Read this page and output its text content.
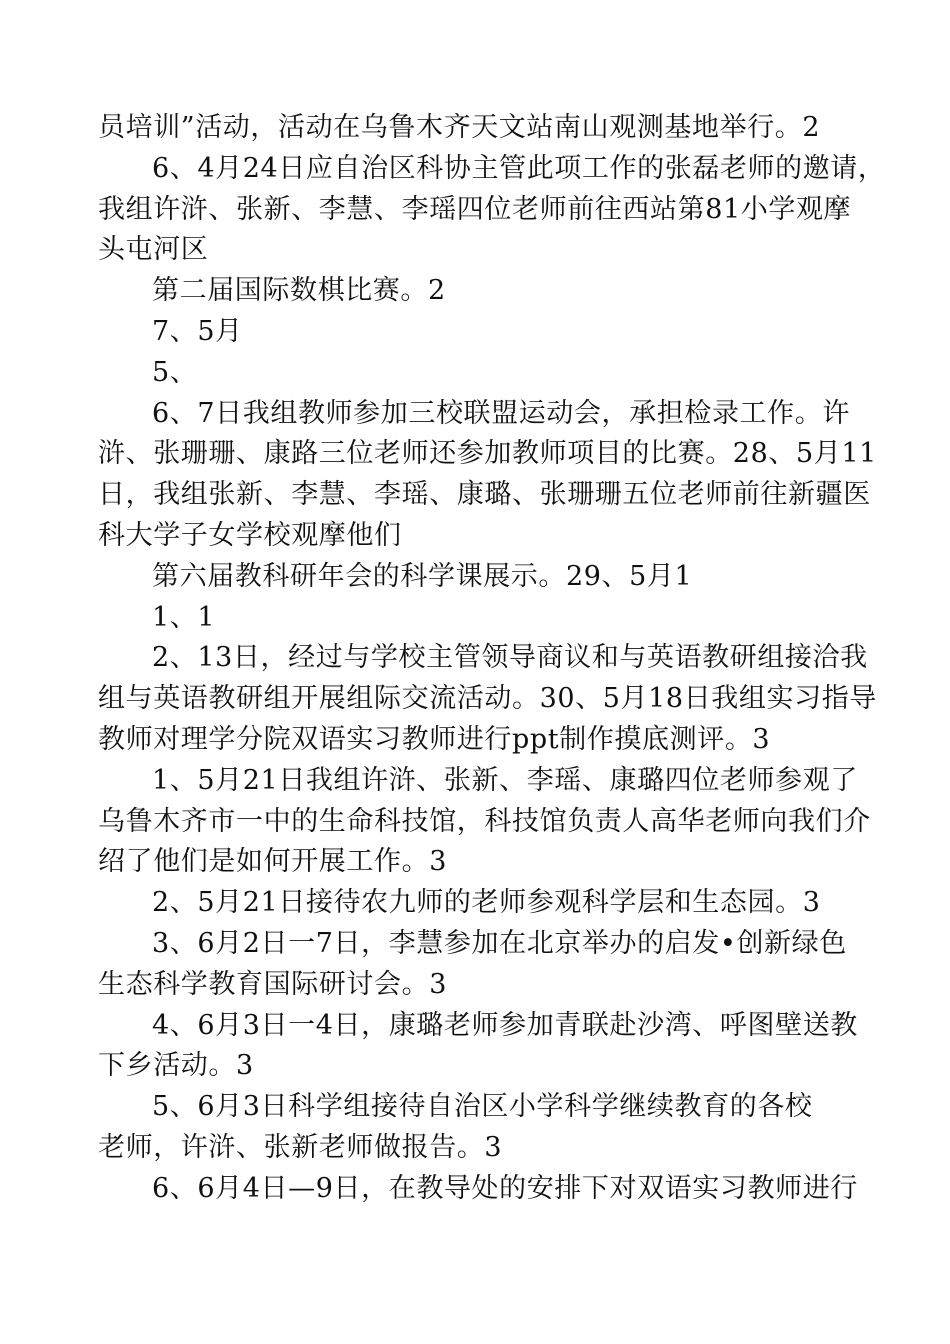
员培训”活动，活动在乌鲁木齐天文站南山观测基地举行。2
6、4月24日应自治区科协主管此项工作的张磊老师的邀请，
我组许浒、张新、李慧、李瑶四位老师前往西站第81小学观摩
头屯河区
第二届国际数棋比赛。2
7、5月
5、
6、7日我组教师参加三校联盟运动会，承担检录工作。许
浒、张珊珊、康路三位老师还参加教师项目的比赛。28、5月11
日，我组张新、李慧、李瑶、康璐、张珊珊五位老师前往新疆医
科大学子女学校观摩他们
第六届教科研年会的科学课展示。29、5月1
1、1
2、13日，经过与学校主管领导商议和与英语教研组接洽我
组与英语教研组开展组际交流活动。30、5月18日我组实习指导
教师对理学分院双语实习教师进行ppt制作摸底测评。3
1、5月21日我组许浒、张新、李瑶、康璐四位老师参观了
乌鲁木齐市一中的生命科技馆，科技馆负责人高华老师向我们介
绍了他们是如何开展工作。3
2、5月21日接待农九师的老师参观科学层和生态园。3
3、6月2日一7日，李慧参加在北京举办的启发•创新绿色
生态科学教育国际研讨会。3
4、6月3日一4日，康璐老师参加青联赴沙湾、呼图壁送教
下乡活动。3
5、6月3日科学组接待自治区小学科学继续教育的各校
老师，许浒、张新老师做报告。3
6、6月4日—9日，在教导处的安排下对双语实习教师进行
